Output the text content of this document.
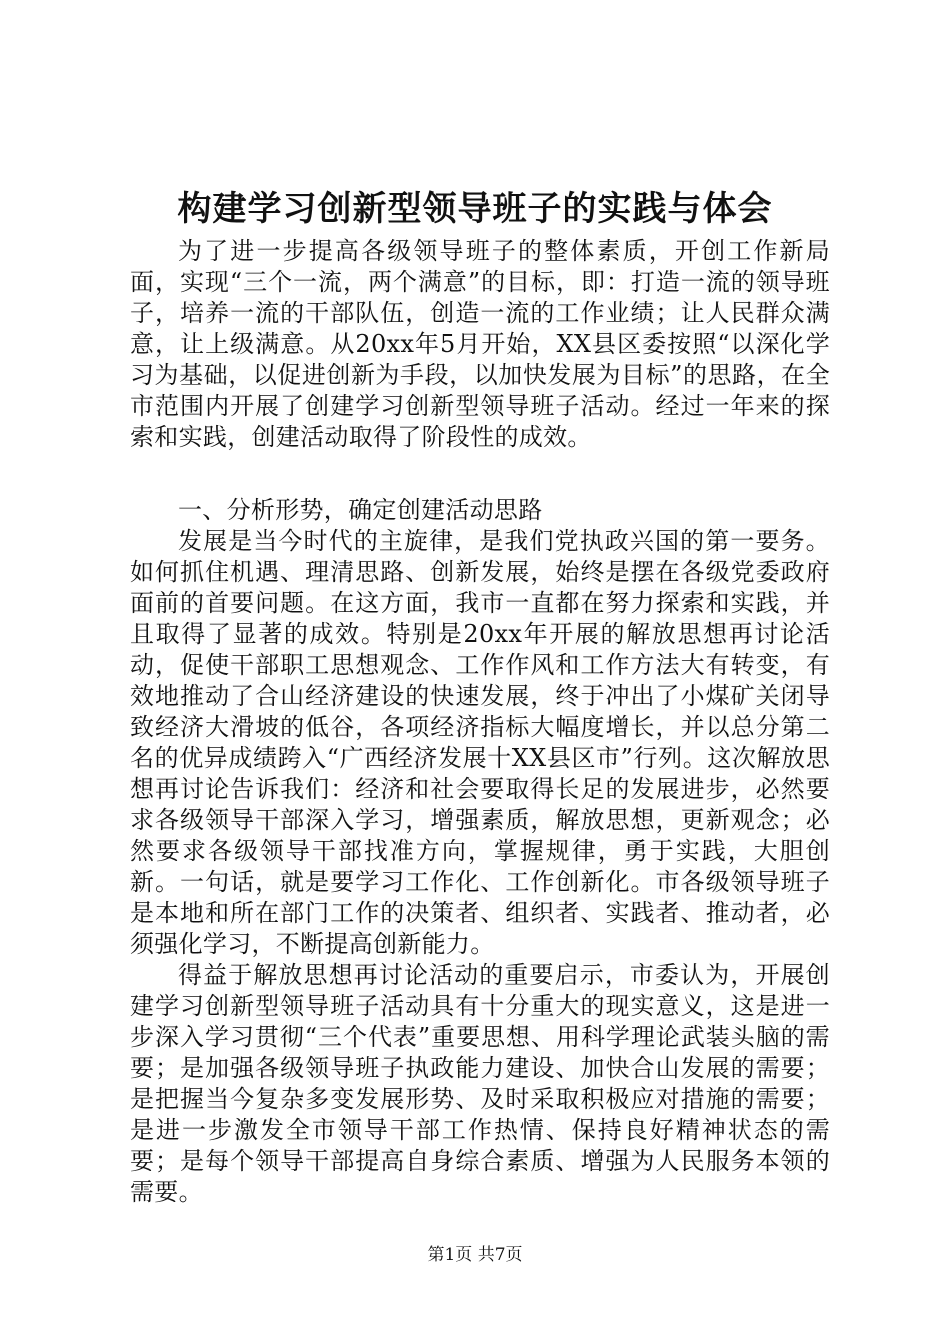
构建学习创新型领导班子的实践与体会

为了进一步提高各级领导班子的整体素质，开创工作新局面，实现“三个一流，两个满意”的目标，即：打造一流的领导班子，培养一流的干部队伍，创造一流的工作业绩；让人民群众满意，让上级满意。从20xx年5月开始，XX县区委按照“以深化学习为基础，以促进创新为手段，以加快发展为目标”的思路，在全市范围内开展了创建学习创新型领导班子活动。经过一年来的探索和实践，创建活动取得了阶段性的成效。

一、分析形势，确定创建活动思路

发展是当今时代的主旋律，是我们党执政兴国的第一要务。如何抓住机遇、理清思路、创新发展，始终是摆在各级党委政府面前的首要问题。在这方面，我市一直都在努力探索和实践，并且取得了显著的成效。特别是20xx年开展的解放思想再讨论活动，促使干部职工思想观念、工作作风和工作方法大有转变，有效地推动了合山经济建设的快速发展，终于冲出了小煤矿关闭导致经济大滑坡的低谷，各项经济指标大幅度增长，并以总分第二名的优异成绩跨入“广西经济发展十XX县区市”行列。这次解放思想再讨论告诉我们：经济和社会要取得长足的发展进步，必然要求各级领导干部深入学习，增强素质，解放思想，更新观念；必然要求各级领导干部找准方向，掌握规律，勇于实践，大胆创新。一句话，就是要学习工作化、工作创新化。市各级领导班子是本地和所在部门工作的决策者、组织者、实践者、推动者，必须强化学习，不断提高创新能力。

得益于解放思想再讨论活动的重要启示，市委认为，开展创建学习创新型领导班子活动具有十分重大的现实意义，这是进一步深入学习贯彻“三个代表”重要思想、用科学理论武装头脑的需要；是加强各级领导班子执政能力建设、加快合山发展的需要；是把握当今复杂多变发展形势、及时采取积极应对措施的需要；是进一步激发全市领导干部工作热情、保持良好精神状态的需要；是每个领导干部提高自身综合素质、增强为人民服务本领的需要。

第1页 共7页
